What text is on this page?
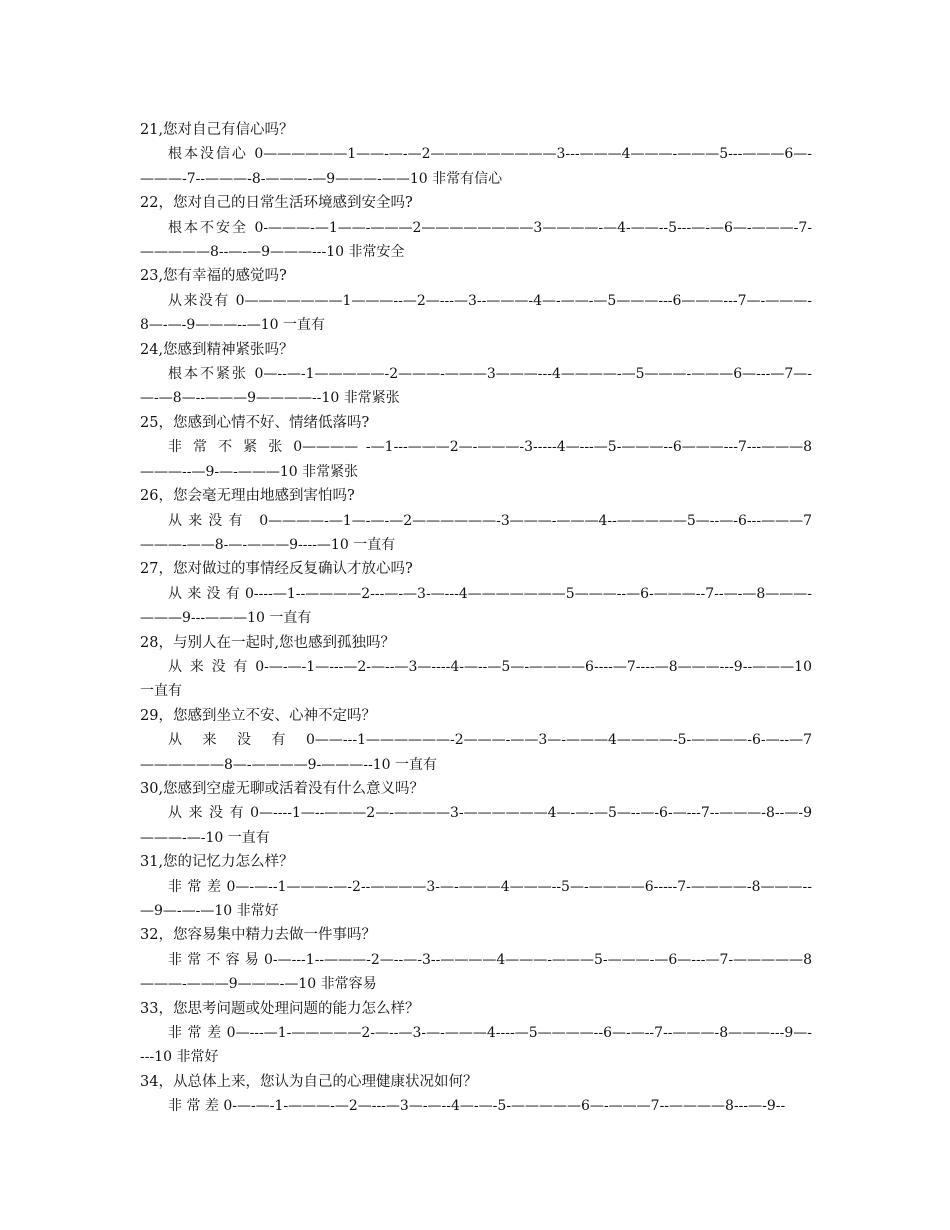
21,您对自己有信心吗？
根本没信心 0——————1——-—-—2—————————3---———4———-———5---———6—-———-7--———-8-———-—9———-——10 非常有信心
22，您对自己的日常生活环境感到安全吗?
根本不安全 0-———-—1——-———2————————3————-—4-——--5---—-—6—-———-7-—————8--—-—9———---10 非常安全
23,您有幸福的感觉吗?
从来没有 0———————1———--—2—---—3--———-4—-——-—5———---6———---7—-———-8—-—-9———--—10 一直有
24,您感到精神紧张吗？
根本不紧张 0—--—-1—————-2———-———3———---4————-—5———-———6—---—7—-—-—8—--———9————--10 非常紧张
25，您感到心情不好、情绪低落吗?
非 常 不 紧 张 0———— -—1---———2—-———-3-----4—---—5-———--6———---7---———8———--—9-—-———10 非常紧张
26，您会毫无理由地感到害怕吗?
从来没有 0————-—1—-—-—2——————-3———-———4--—————5—--—-6---———7———-——8-—-———9----—10 一直有
27，您对做过的事情经反复确认才放心吗?
从 来 没 有 0----—1--————2---—-—3-—---4———————5———--—6-———--7--—-—8———-———9---———10 一直有
28，与别人在一起时,您也感到孤独吗？
从 来 没 有 0-—-—-1—---—2-—--—3—----4-—--—5—-————6----—7----—8———---9--———10 一直有
29，您感到坐立不安、心神不定吗？
从 来 没 有 0——---1——————-2———-——3—-———4————-5-————-6-—--—7——————8—-————9-———--10 一直有
30,您感到空虚无聊或活着没有什么意义吗？
从 来 没 有 0—----1—--———2—-————3-——————4—-—-—5—--—-6-—---7--———-8--—-9———-—-10 一直有
31,您的记忆力怎么样？
非 常 差 0—-—--1———-—-2--————3-—-———4———--5—-————6-----7-————-8———--—9—-—-—10 非常好
32，您容易集中精力去做一件事吗？
非 常 不 容 易 0-—---1--———-2—--—-3--————4———-———5-———-—6—---—7-—————8———-———9———-—10 非常容易
33，您思考问题或处理问题的能力怎么样？
非 常 差 0—---—1-—————2-—--—3-—-———4----—5————--6—-—--7--———-8———---9—----10 非常好
34，从总体上来，您认为自己的心理健康状况如何？
非 常 差 0-—-—-1-———-—2—---—3—-—--4—-—-5-—————6—-———7--————8---—-9--
